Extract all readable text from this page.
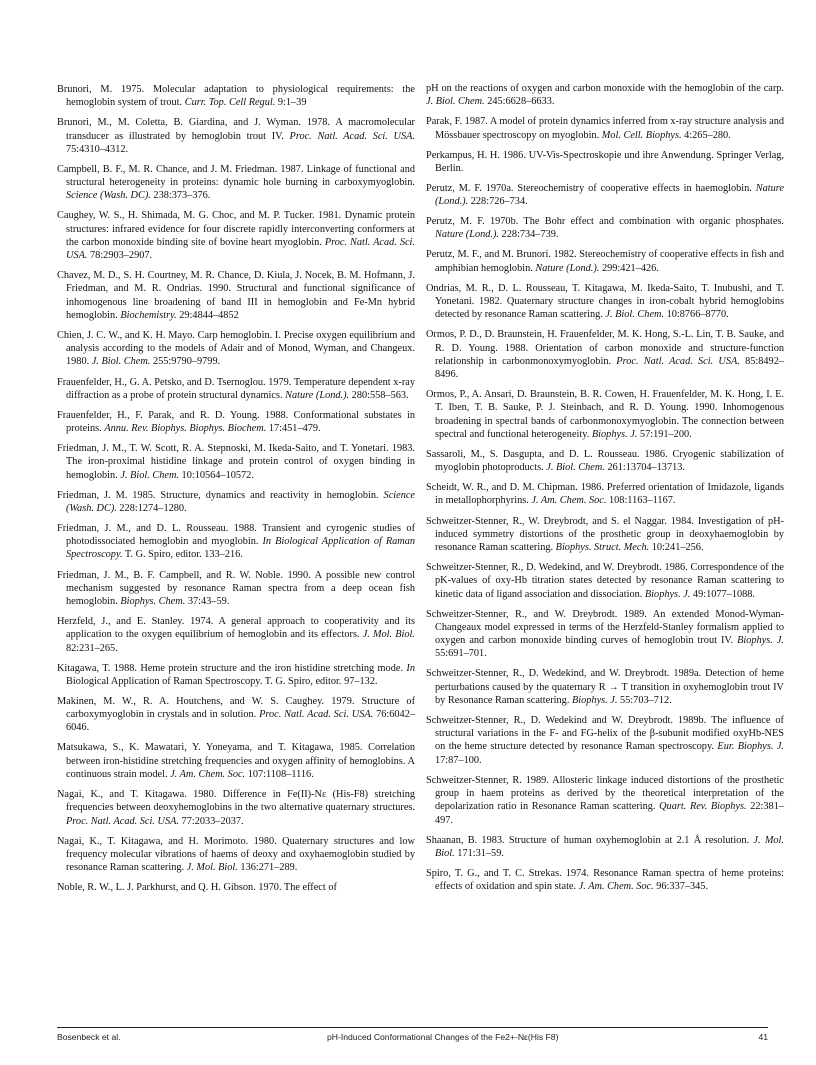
Brunori, M. 1975. Molecular adaptation to physiological requirements: the hemoglobin system of trout. Curr. Top. Cell Regul. 9:1–39

Brunori, M., M. Coletta, B. Giardina, and J. Wyman. 1978. A macromolecular transducer as illustrated by hemoglobin trout IV. Proc. Natl. Acad. Sci. USA. 75:4310–4312.

Campbell, B. F., M. R. Chance, and J. M. Friedman. 1987. Linkage of functional and structural heterogeneity in proteins: dynamic hole burning in carboxymyoglobin. Science (Wash. DC). 238:373–376.

Caughey, W. S., H. Shimada, M. G. Choc, and M. P. Tucker. 1981. Dynamic protein structures: infrared evidence for four discrete rapidly interconverting conformers at the carbon monoxide binding site of bovine heart myoglobin. Proc. Natl. Acad. Sci. USA. 78:2903–2907.

Chavez, M. D., S. H. Courtney, M. R. Chance, D. Kiula, J. Nocek, B. M. Hofmann, J. Friedman, and M. R. Ondrias. 1990. Structural and functional significance of inhomogenous line broadening of band III in hemoglobin and Fe-Mn hybrid hemoglobin. Biochemistry. 29:4844–4852

Chien, J. C. W., and K. H. Mayo. Carp hemoglobin. I. Precise oxygen equilibrium and analysis according to the models of Adair and of Monod, Wyman, and Changeux. 1980. J. Biol. Chem. 255:9790–9799.

Frauenfelder, H., G. A. Petsko, and D. Tsernoglou. 1979. Temperature dependent x-ray diffraction as a probe of protein structural dynamics. Nature (Lond.). 280:558–563.

Frauenfelder, H., F. Parak, and R. D. Young. 1988. Conformational substates in proteins. Annu. Rev. Biophys. Biophys. Biochem. 17:451–479.

Friedman, J. M., T. W. Scott, R. A. Stepnoski, M. Ikeda-Saito, and T. Yonetari. 1983. The iron-proximal histidine linkage and protein control of oxygen binding in hemoglobin. J. Biol. Chem. 10:10564–10572.

Friedman, J. M. 1985. Structure, dynamics and reactivity in hemoglobin. Science (Wash. DC). 228:1274–1280.

Friedman, J. M., and D. L. Rousseau. 1988. Transient and cyrogenic studies of photodissociated hemoglobin and myoglobin. In Biological Application of Raman Spectroscopy. T. G. Spiro, editor. 133–216.

Friedman, J. M., B. F. Campbell, and R. W. Noble. 1990. A possible new control mechanism suggested by resonance Raman spectra from a deep ocean fish hemoglobin. Biophys. Chem. 37:43–59.

Herzfeld, J., and E. Stanley. 1974. A general approach to cooperativity and its application to the oxygen equilibrium of hemoglobin and its effectors. J. Mol. Biol. 82:231–265.

Kitagawa, T. 1988. Heme protein structure and the iron histidine stretching mode. In Biological Application of Raman Spectroscopy. T. G. Spiro, editor. 97–132.

Makinen, M. W., R. A. Houtchens, and W. S. Caughey. 1979. Structure of carboxymyoglobin in crystals and in solution. Proc. Natl. Acad. Sci. USA. 76:6042–6046.

Matsukawa, S., K. Mawatari, Y. Yoneyama, and T. Kitagawa, 1985. Correlation between iron-histidine stretching frequencies and oxygen affinity of hemoglobins. A continuous strain model. J. Am. Chem. Soc. 107:1108–1116.

Nagai, K., and T. Kitagawa. 1980. Difference in Fe(II)-Nε (His-F8) stretching frequencies between deoxyhemoglobins in the two alternative quaternary structures. Proc. Natl. Acad. Sci. USA. 77:2033–2037.

Nagai, K., T. Kitagawa, and H. Morimoto. 1980. Quaternary structures and low frequency molecular vibrations of haems of deoxy and oxyhaemoglobin studied by resonance Raman scattering. J. Mol. Biol. 136:271–289.

Noble, R. W., L. J. Parkhurst, and Q. H. Gibson. 1970. The effect of

pH on the reactions of oxygen and carbon monoxide with the hemoglobin of the carp. J. Biol. Chem. 245:6628–6633.

Parak, F. 1987. A model of protein dynamics inferred from x-ray structure analysis and Mössbauer spectroscopy on myoglobin. Mol. Cell. Biophys. 4:265–280.

Perkampus, H. H. 1986. UV-Vis-Spectroskopie und ihre Anwendung. Springer Verlag, Berlin.

Perutz, M. F. 1970a. Stereochemistry of cooperative effects in haemoglobin. Nature (Lond.). 228:726–734.

Perutz, M. F. 1970b. The Bohr effect and combination with organic phosphates. Nature (Lond.). 228:734–739.

Perutz, M. F., and M. Brunori. 1982. Stereochemistry of cooperative effects in fish and amphibian hemoglobin. Nature (Lond.). 299:421–426.

Ondrias, M. R., D. L. Rousseau, T. Kitagawa, M. Ikeda-Saito, T. Inubushi, and T. Yonetani. 1982. Quaternary structure changes in iron-cobalt hybrid hemoglobins detected by resonance Raman scattering. J. Biol. Chem. 10:8766–8770.

Ormos, P. D., D. Braunstein, H. Frauenfelder, M. K. Hong, S.-L. Lin, T. B. Sauke, and R. D. Young. 1988. Orientation of carbon monoxide and structure-function relationship in carbonmonoxymyoglobin. Proc. Natl. Acad. Sci. USA. 85:8492–8496.

Ormos, P., A. Ansari, D. Braunstein, B. R. Cowen, H. Frauenfelder, M. K. Hong, I. E. T. Iben, T. B. Sauke, P. J. Steinbach, and R. D. Young. 1990. Inhomogenous broadening in spectral bands of carbonmonoxymyoglobin. The connection between spectral and functional heterogeneity. Biophys. J. 57:191–200.

Sassaroli, M., S. Dasgupta, and D. L. Rousseau. 1986. Cryogenic stabilization of myoglobin photoproducts. J. Biol. Chem. 261:13704–13713.

Scheidt, W. R., and D. M. Chipman. 1986. Preferred orientation of Imidazole, ligands in metallophorphyrins. J. Am. Chem. Soc. 108:1163–1167.

Schweitzer-Stenner, R., W. Dreybrodt, and S. el Naggar. 1984. Investigation of pH-induced symmetry distortions of the prosthetic group in deoxyhaemoglobin by resonance Raman scattering. Biophys. Struct. Mech. 10:241–256.

Schweitzer-Stenner, R., D. Wedekind, and W. Dreybrodt. 1986. Correspondence of the pK-values of oxy-Hb titration states detected by resonance Raman scattering to kinetic data of ligand association and dissociation. Biophys. J. 49:1077–1088.

Schweitzer-Stenner, R., and W. Dreybrodt. 1989. An extended Monod-Wyman-Changeaux model expressed in terms of the Herzfeld-Stanley formalism applied to oxygen and carbon monoxide binding curves of hemoglobin trout IV. Biophys. J. 55:691–701.

Schweitzer-Stenner, R., D. Wedekind, and W. Dreybrodt. 1989a. Detection of heme perturbations caused by the quaternary R → T transition in oxyhemoglobin trout IV by Resonance Raman scattering. Biophys. J. 55:703–712.

Schweitzer-Stenner, R., D. Wedekind and W. Dreybrodt. 1989b. The influence of structural variations in the F- and FG-helix of the β-subunit modified oxyHb-NES on the heme structure detected by resonance Raman spectroscopy. Eur. Biophys. J. 17:87–100.

Schweitzer-Stenner, R. 1989. Allosteric linkage induced distortions of the prosthetic group in haem proteins as derived by the theoretical interpretation of the depolarization ratio in Resonance Raman scattering. Quart. Rev. Biophys. 22:381–497.

Shaanan, B. 1983. Structure of human oxyhemoglobin at 2.1 Å resolution. J. Mol. Biol. 171:31–59.

Spiro, T. G., and T. C. Strekas. 1974. Resonance Raman spectra of heme proteins: effects of oxidation and spin state. J. Am. Chem. Soc. 96:337–345.

Bosenbeck et al.	pH-Induced Conformational Changes of the Fe2+-Nε(His F8)	41
